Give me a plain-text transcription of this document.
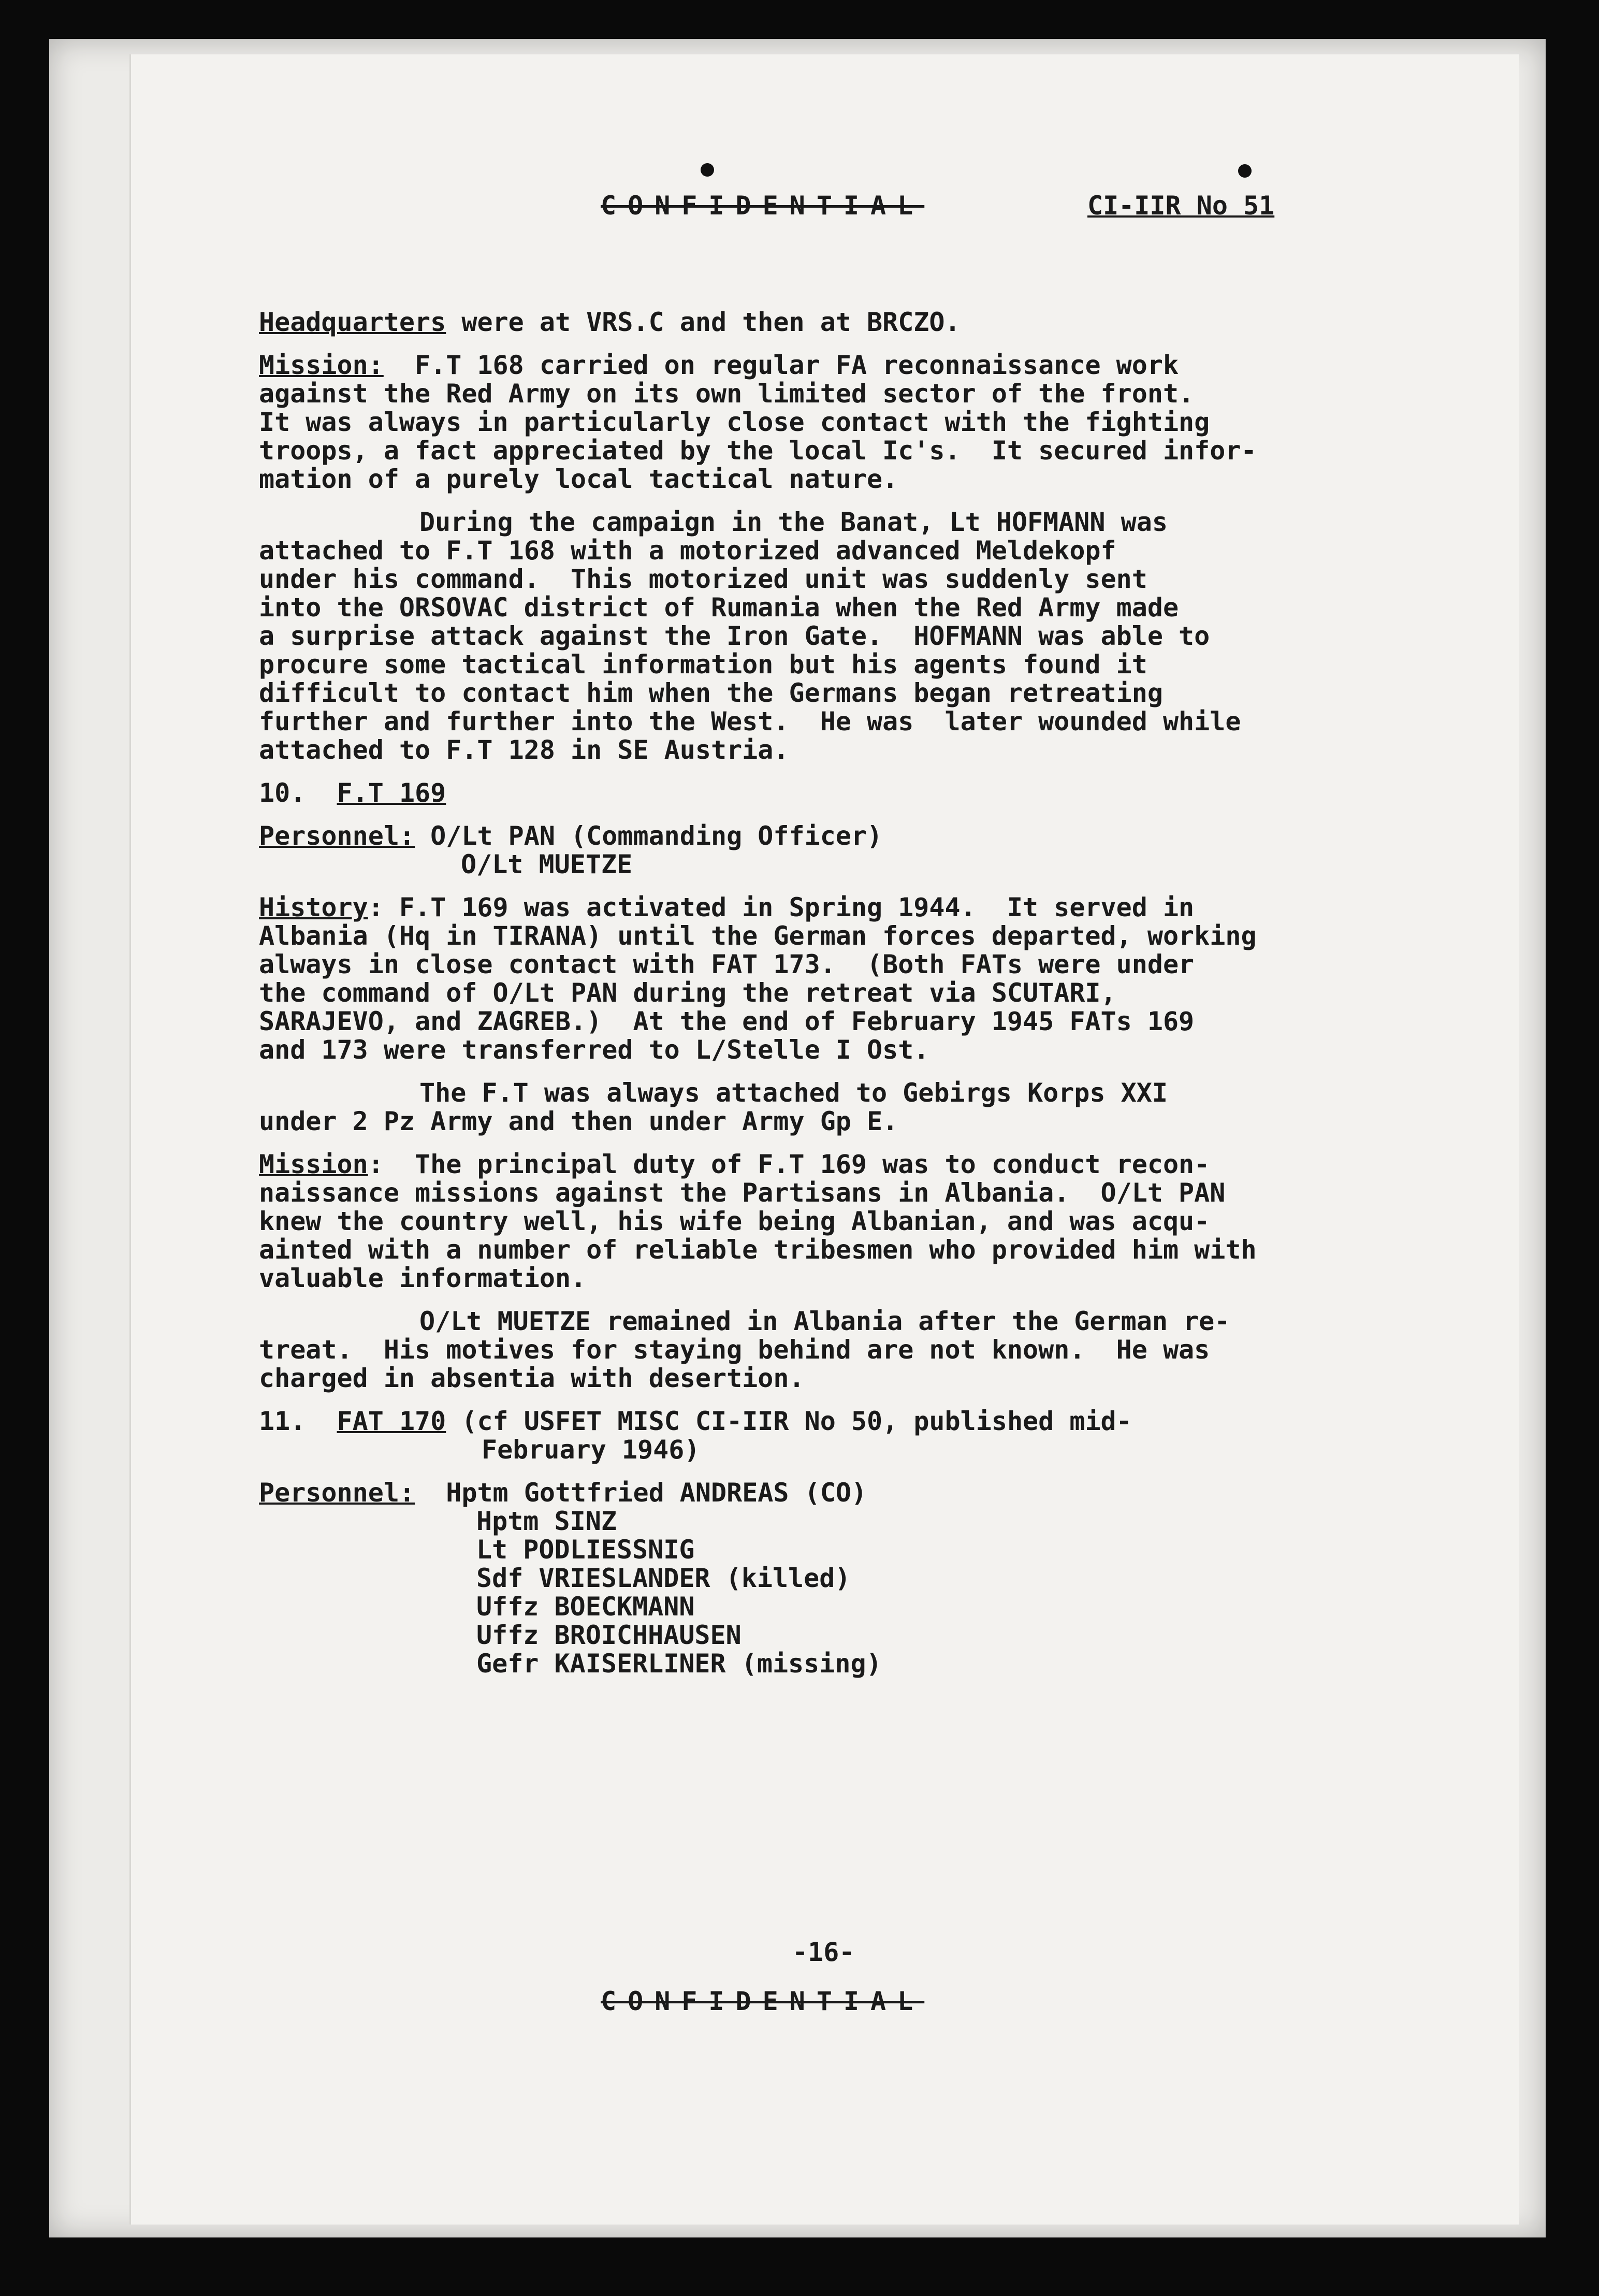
CONFIDENTIAL	CI-IIR No 51
Headquarters were at VRS.C and then at BRCZO.
Mission:  F.T 168 carried on regular FA reconnaissance work
against the Red Army on its own limited sector of the front.
It was always in particularly close contact with the fighting
troops, a fact appreciated by the local Ic's.  It secured infor-
mation of a purely local tactical nature.
During the campaign in the Banat, Lt HOFMANN was
attached to F.T 168 with a motorized advanced Meldekopf
under his command.  This motorized unit was suddenly sent
into the ORSOVAC district of Rumania when the Red Army made
a surprise attack against the Iron Gate.  HOFMANN was able to
procure some tactical information but his agents found it
difficult to contact him when the Germans began retreating
further and further into the West.  He was  later wounded while
attached to F.T 128 in SE Austria.
10. F.T 169
Personnel: O/Lt PAN (Commanding Officer)
O/Lt MUETZE
History: F.T 169 was activated in Spring 1944.  It served in
Albania (Hq in TIRANA) until the German forces departed, working
always in close contact with FAT 173.  (Both FATs were under
the command of O/Lt PAN during the retreat via SCUTARI,
SARAJEVO, and ZAGREB.)  At the end of February 1945 FATs 169
and 173 were transferred to L/Stelle I Ost.
The F.T was always attached to Gebirgs Korps XXI
under 2 Pz Army and then under Army Gp E.
Mission:  The principal duty of F.T 169 was to conduct recon-
naissance missions against the Partisans in Albania.  O/Lt PAN
knew the country well, his wife being Albanian, and was acqu-
ainted with a number of reliable tribesmen who provided him with
valuable information.
O/Lt MUETZE remained in Albania after the German re-
treat.  His motives for staying behind are not known.  He was
charged in absentia with desertion.
11. FAT 170 (cf USFET MISC CI-IIR No 50, published mid-
February 1946)
Personnel: Hptm Gottfried ANDREAS (CO)
Hptm SINZ
Lt PODLIESSNIG
Sdf VRIESLANDER (killed)
Uffz BOECKMANN
Uffz BROICHHAUSEN
Gefr KAISERLINER (missing)
-16-
CONFIDENTIAL
